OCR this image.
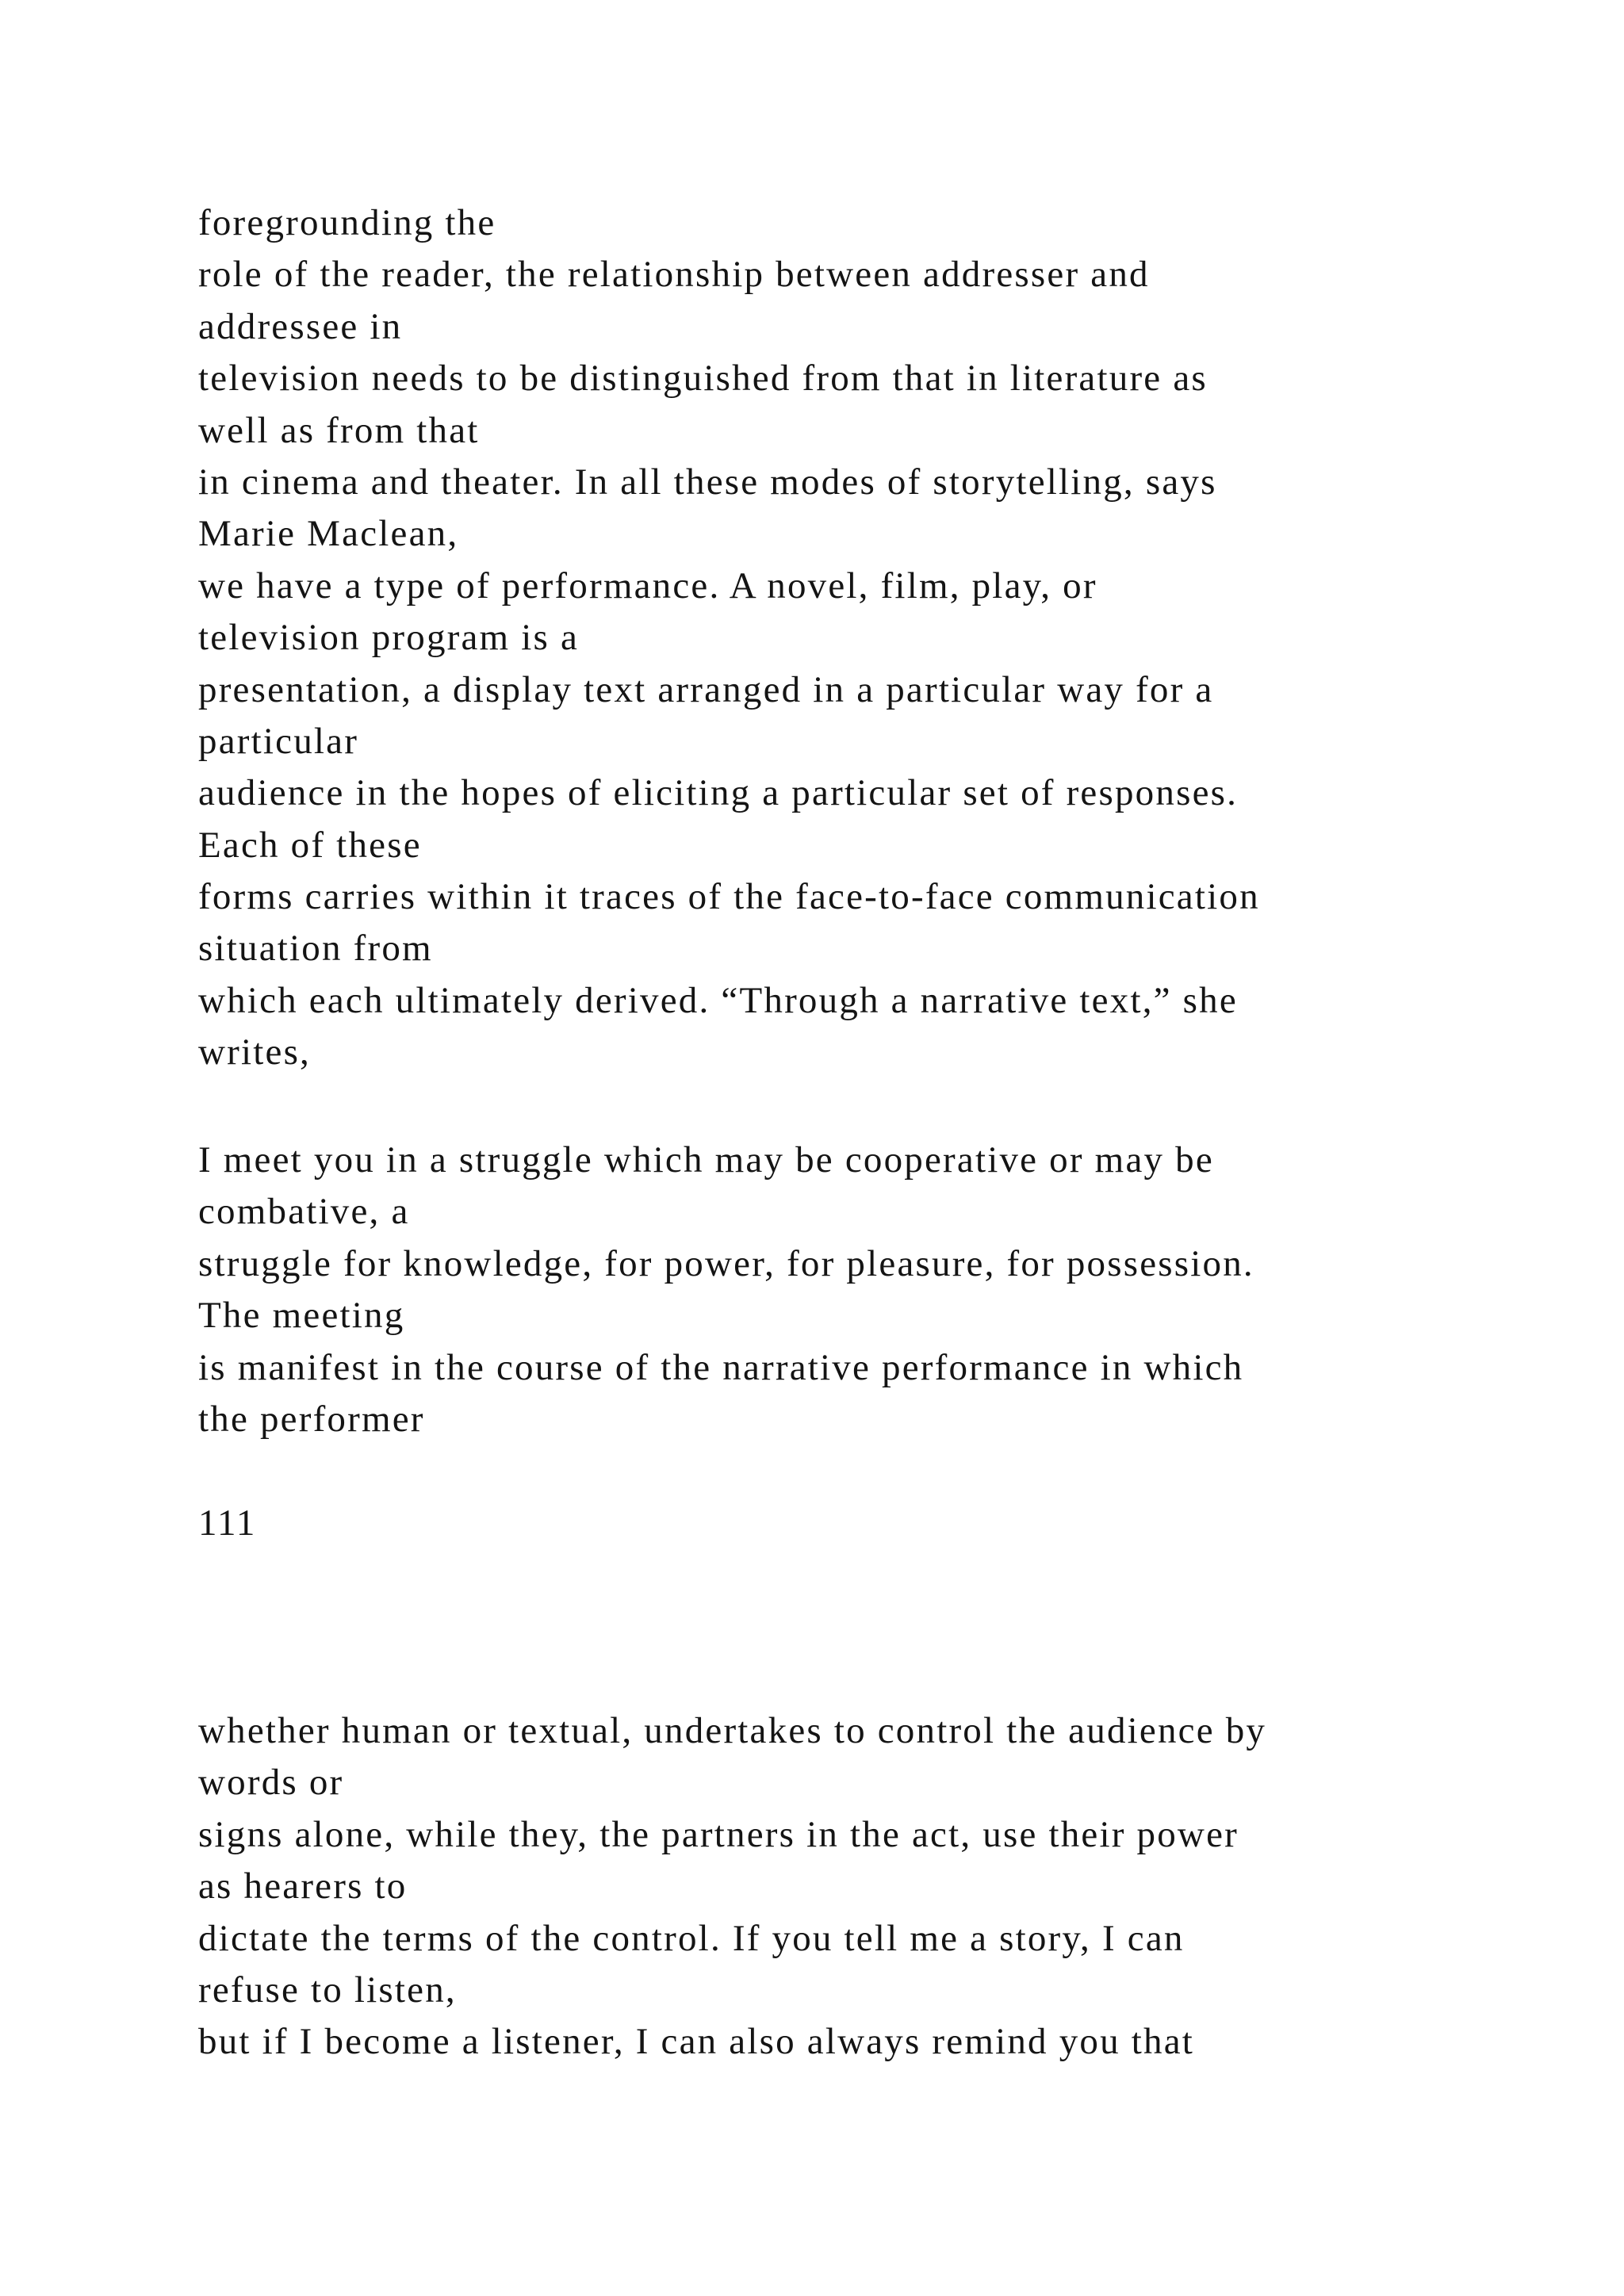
foregrounding the
role of the reader, the relationship between addresser and
addressee in
television needs to be distinguished from that in literature as
well as from that
in cinema and theater. In all these modes of storytelling, says
Marie Maclean,
we have a type of performance. A novel, film, play, or
television program is a
presentation, a display text arranged in a particular way for a
particular
audience in the hopes of eliciting a particular set of responses.
Each of these
forms carries within it traces of the face-to-face communication
situation from
which each ultimately derived. “Through a narrative text,” she
writes,
I meet you in a struggle which may be cooperative or may be
combative, a
struggle for knowledge, for power, for pleasure, for possession.
The meeting
is manifest in the course of the narrative performance in which
the performer
111
whether human or textual, undertakes to control the audience by
words or
signs alone, while they, the partners in the act, use their power
as hearers to
dictate the terms of the control. If you tell me a story, I can
refuse to listen,
but if I become a listener, I can also always remind you that
